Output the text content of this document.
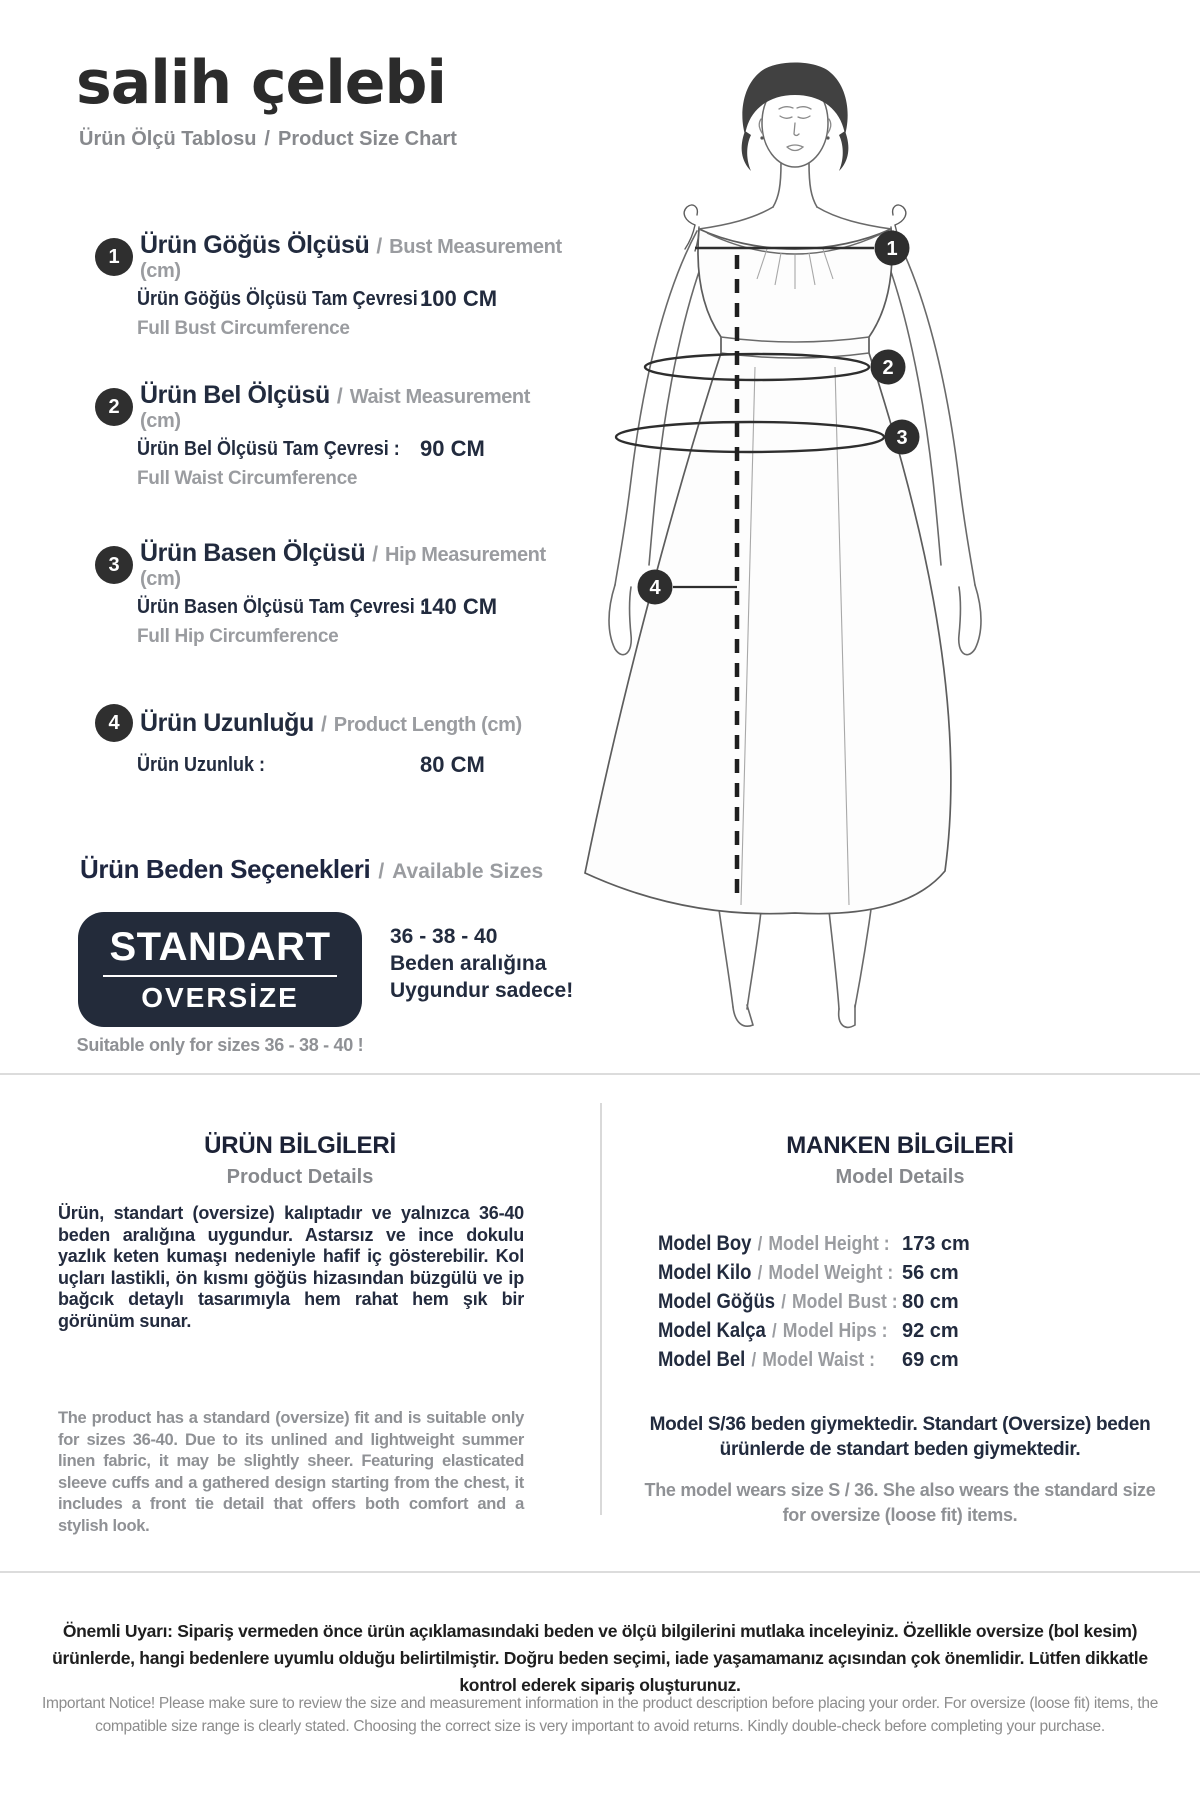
salih çelebi
Ürün Ölçü Tablosu / Product Size Chart
1 Ürün Göğüs Ölçüsü / Bust Measurement (cm)
Ürün Göğüs Ölçüsü Tam Çevresi :
100 CM
Full Bust Circumference
2 Ürün Bel Ölçüsü / Waist Measurement (cm)
Ürün Bel Ölçüsü Tam Çevresi : 90 CM
Full Waist Circumference
3 Ürün Basen Ölçüsü / Hip Measurement (cm)
Ürün Basen Ölçüsü Tam Çevresi :
140 CM
Full Hip Circumference
4 Ürün Uzunluğu / Product Length (cm)
Ürün Uzunluk :	80 CM
Ürün Beden Seçenekleri / Available Sizes
STANDART
OVERSİZE
36 - 38 - 40
Beden aralığına
Uygundur sadece!
Suitable only for sizes 36 - 38 - 40 !
1
2
3
4
ÜRÜN BİLGİLERİ
Product Details
Ürün, standart (oversize) kalıptadır ve yalnızca 36-40 beden aralığına uygundur. Astarsız ve ince dokulu yazlık keten kumaşı nedeniyle hafif iç gösterebilir. Kol uçları lastikli, ön kısmı göğüs hizasından büzgülü ve ip bağcık detaylı tasarımıyla hem rahat hem şık bir görünüm sunar.
The product has a standard (oversize) fit and is suitable only for sizes 36-40. Due to its unlined and lightweight summer linen fabric, it may be slightly sheer. Featuring elasticated sleeve cuffs and a gathered design starting from the chest, it includes a front tie detail that offers both comfort and a stylish look.
MANKEN BİLGİLERİ
Model Details
Model Boy / Model Height : 173 cm
Model Kilo / Model Weight : 56 cm
Model Göğüs / Model Bust : 80 cm
Model Kalça / Model Hips : 92 cm
Model Bel / Model Waist : 69 cm
Model S/36 beden giymektedir. Standart (Oversize) beden ürünlerde de standart beden giymektedir.
The model wears size S / 36. She also wears the standard size for oversize (loose fit) items.
Önemli Uyarı: Sipariş vermeden önce ürün açıklamasındaki beden ve ölçü bilgilerini mutlaka inceleyiniz. Özellikle oversize (bol kesim) ürünlerde, hangi bedenlere uyumlu olduğu belirtilmiştir. Doğru beden seçimi, iade yaşamamanız açısından çok önemlidir. Lütfen dikkatle kontrol ederek sipariş oluşturunuz.
Important Notice! Please make sure to review the size and measurement information in the product description before placing your order. For oversize (loose fit) items, the compatible size range is clearly stated. Choosing the correct size is very important to avoid returns. Kindly double-check before completing your purchase.
